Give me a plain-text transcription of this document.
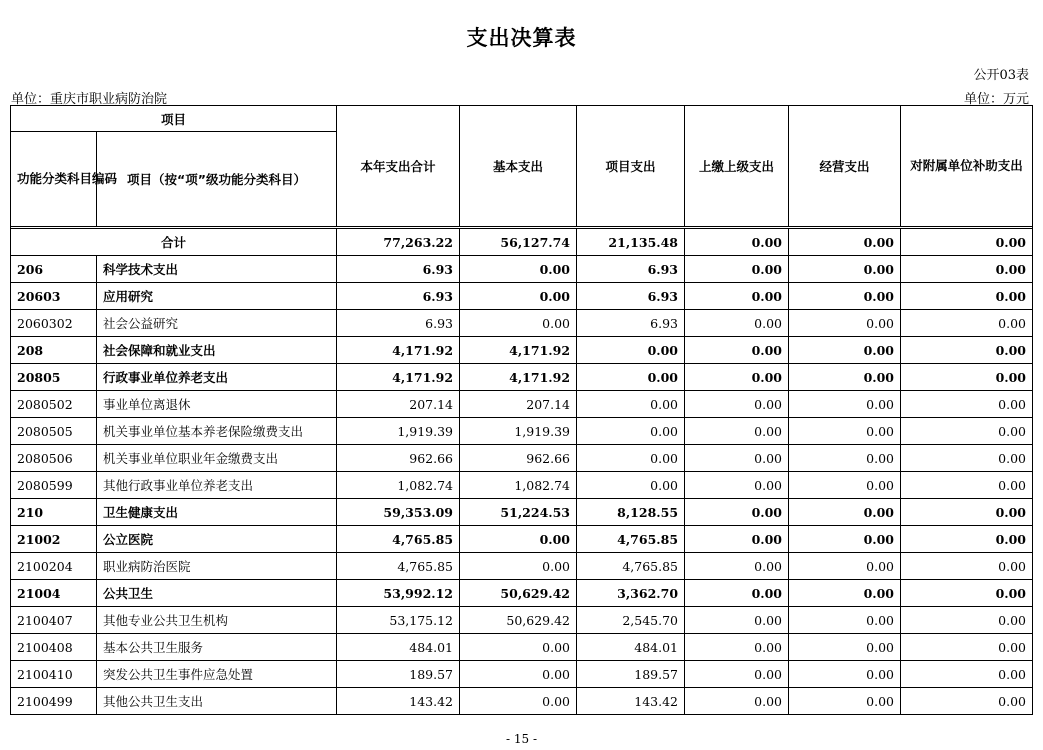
支出决算表
公开03表
单位：重庆市职业病防治院	单位：万元
项目		本年支出合计	基本支出	项目支出	上缴上级支出	经营支出	对附属单位补助支出
功能分类科目编码	项目（按“项”级功能分类科目）						

合计		77,263.22	56,127.74	21,135.48	0.00	0.00	0.00
206	科学技术支出	6.93	0.00	6.93	0.00	0.00	0.00
20603	应用研究	6.93	0.00	6.93	0.00	0.00	0.00
2060302	社会公益研究	6.93	0.00	6.93	0.00	0.00	0.00
208	社会保障和就业支出	4,171.92	4,171.92	0.00	0.00	0.00	0.00
20805	行政事业单位养老支出	4,171.92	4,171.92	0.00	0.00	0.00	0.00
2080502	事业单位离退休	207.14	207.14	0.00	0.00	0.00	0.00
2080505	机关事业单位基本养老保险缴费支出	1,919.39	1,919.39	0.00	0.00	0.00	0.00
2080506	机关事业单位职业年金缴费支出	962.66	962.66	0.00	0.00	0.00	0.00
2080599	其他行政事业单位养老支出	1,082.74	1,082.74	0.00	0.00	0.00	0.00
210	卫生健康支出	59,353.09	51,224.53	8,128.55	0.00	0.00	0.00
21002	公立医院	4,765.85	0.00	4,765.85	0.00	0.00	0.00
2100204	职业病防治医院	4,765.85	0.00	4,765.85	0.00	0.00	0.00
21004	公共卫生	53,992.12	50,629.42	3,362.70	0.00	0.00	0.00
2100407	其他专业公共卫生机构	53,175.12	50,629.42	2,545.70	0.00	0.00	0.00
2100408	基本公共卫生服务	484.01	0.00	484.01	0.00	0.00	0.00
2100410	突发公共卫生事件应急处置	189.57	0.00	189.57	0.00	0.00	0.00
2100499	其他公共卫生支出	143.42	0.00	143.42	0.00	0.00	0.00
- 15 -
